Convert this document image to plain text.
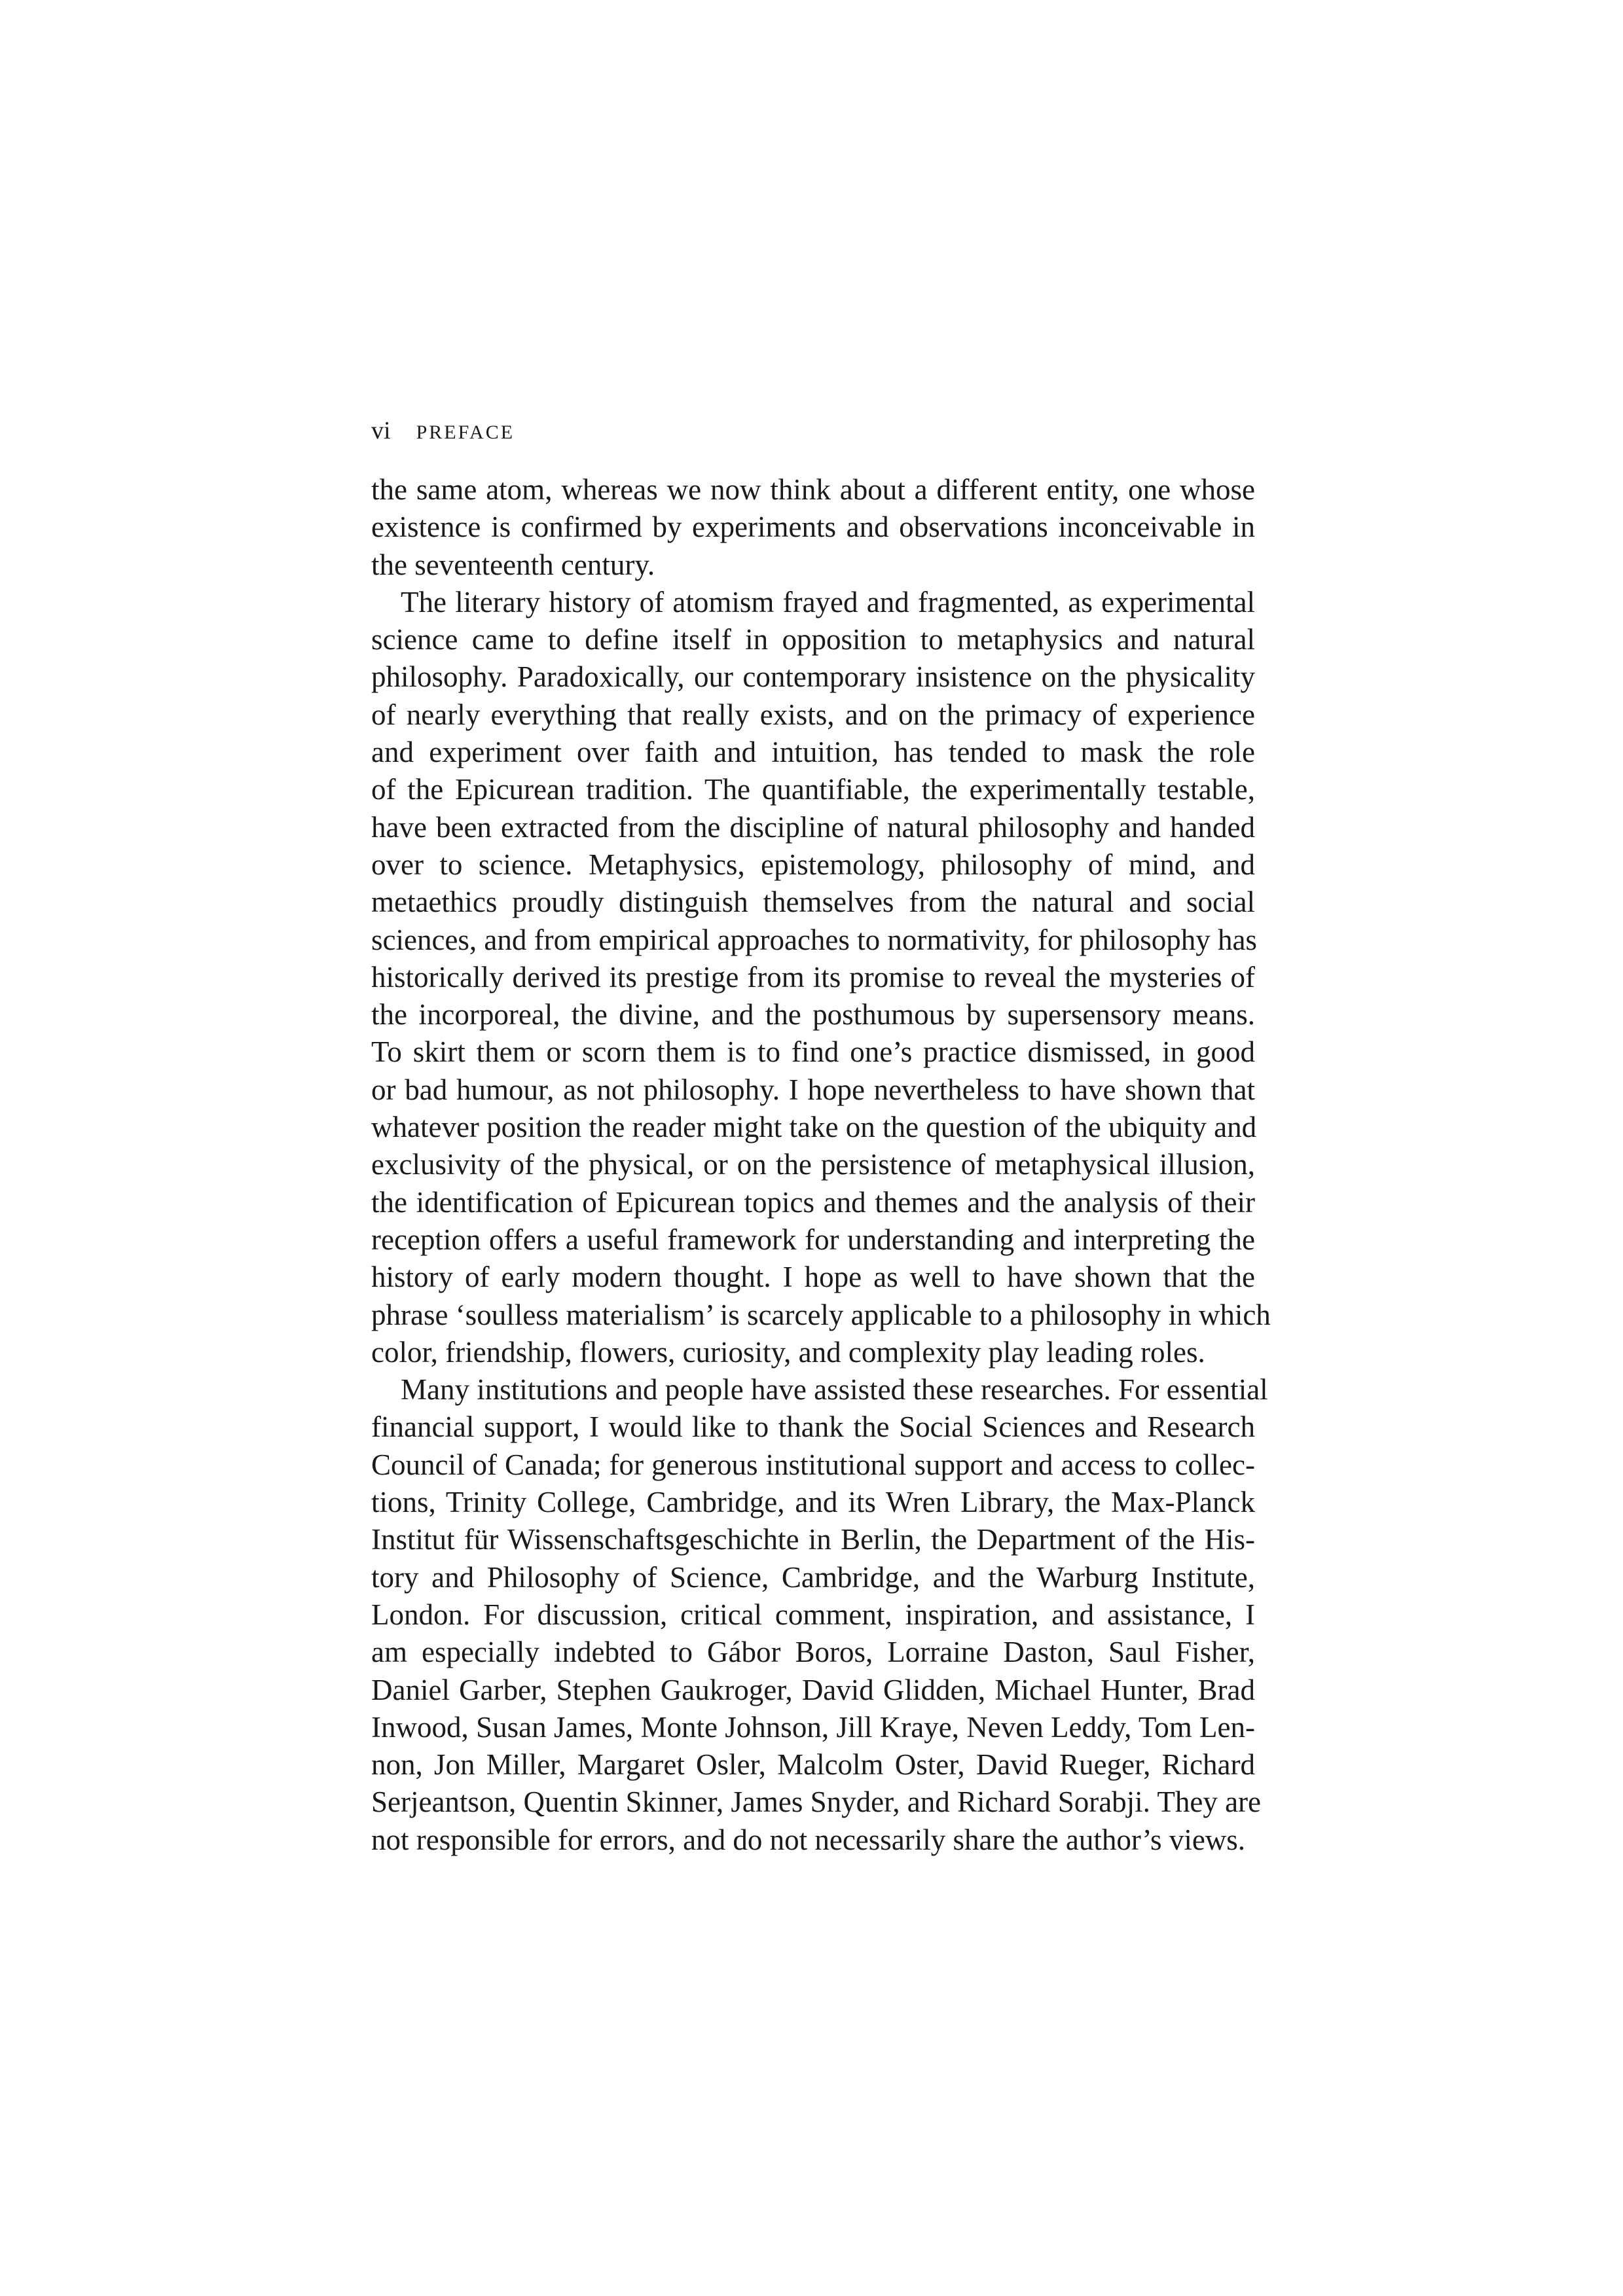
vi PREFACE
the same atom, whereas we now think about a different entity, one whose
existence is confirmed by experiments and observations inconceivable in
the seventeenth century.
The literary history of atomism frayed and fragmented, as experimental
science came to define itself in opposition to metaphysics and natural
philosophy. Paradoxically, our contemporary insistence on the physicality
of nearly everything that really exists, and on the primacy of experience
and experiment over faith and intuition, has tended to mask the role
of the Epicurean tradition. The quantifiable, the experimentally testable,
have been extracted from the discipline of natural philosophy and handed
over to science. Metaphysics, epistemology, philosophy of mind, and
metaethics proudly distinguish themselves from the natural and social
sciences, and from empirical approaches to normativity, for philosophy has
historically derived its prestige from its promise to reveal the mysteries of
the incorporeal, the divine, and the posthumous by supersensory means.
To skirt them or scorn them is to find one’s practice dismissed, in good
or bad humour, as not philosophy. I hope nevertheless to have shown that
whatever position the reader might take on the question of the ubiquity and
exclusivity of the physical, or on the persistence of metaphysical illusion,
the identification of Epicurean topics and themes and the analysis of their
reception offers a useful framework for understanding and interpreting the
history of early modern thought. I hope as well to have shown that the
phrase ‘soulless materialism’ is scarcely applicable to a philosophy in which
color, friendship, flowers, curiosity, and complexity play leading roles.
Many institutions and people have assisted these researches. For essential
financial support, I would like to thank the Social Sciences and Research
Council of Canada; for generous institutional support and access to collec-
tions, Trinity College, Cambridge, and its Wren Library, the Max-Planck
Institut für Wissenschaftsgeschichte in Berlin, the Department of the His-
tory and Philosophy of Science, Cambridge, and the Warburg Institute,
London. For discussion, critical comment, inspiration, and assistance, I
am especially indebted to Gábor Boros, Lorraine Daston, Saul Fisher,
Daniel Garber, Stephen Gaukroger, David Glidden, Michael Hunter, Brad
Inwood, Susan James, Monte Johnson, Jill Kraye, Neven Leddy, Tom Len-
non, Jon Miller, Margaret Osler, Malcolm Oster, David Rueger, Richard
Serjeantson, Quentin Skinner, James Snyder, and Richard Sorabji. They are
not responsible for errors, and do not necessarily share the author’s views.
